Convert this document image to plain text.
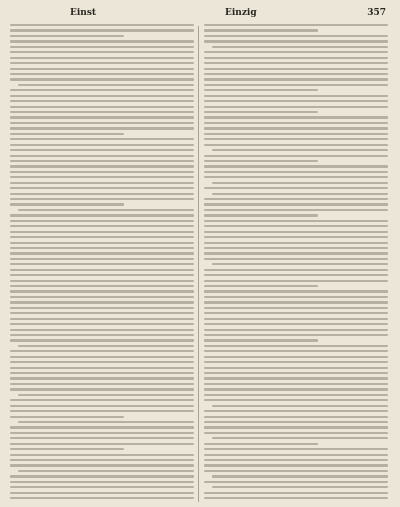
Einst	Einzig	357
